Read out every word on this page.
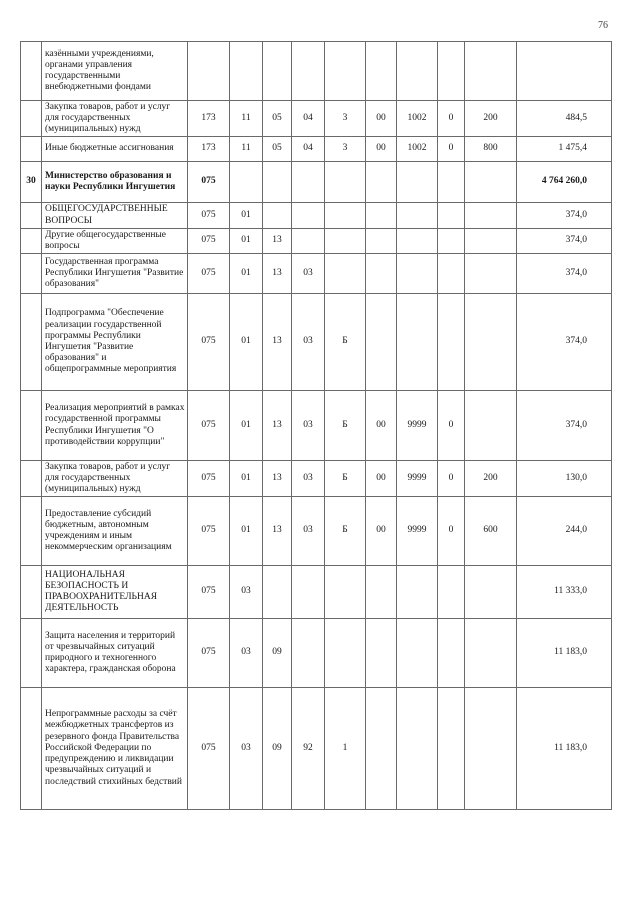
76
	казёнными учреждениями, органами управления государственными внебюджетными фондами										
	Закупка товаров, работ и услуг для государственных (муниципальных) нужд	173	11	05	04	3	00	1002	0	200	484,5
	Иные бюджетные ассигнования	173	11	05	04	3	00	1002	0	800	1 475,4
30	Министерство образования и науки Республики Ингушетия	075									4 764 260,0
	ОБЩЕГОСУДАРСТВЕННЫЕ ВОПРОСЫ	075	01								374,0
	Другие общегосударственные вопросы	075	01	13							374,0
	Государственная программа Республики Ингушетия "Развитие образования"	075	01	13	03						374,0
	Подпрограмма "Обеспечение реализации государственной программы Республики Ингушетия "Развитие образования" и общепрограммные мероприятия	075	01	13	03	Б					374,0
	Реализация мероприятий в рамках государственной программы Республики Ингушетия "О противодействии коррупции"	075	01	13	03	Б	00	9999	0		374,0
	Закупка товаров, работ и услуг для государственных (муниципальных) нужд	075	01	13	03	Б	00	9999	0	200	130,0
	Предоставление субсидий бюджетным, автономным учреждениям и иным некоммерческим организациям	075	01	13	03	Б	00	9999	0	600	244,0
	НАЦИОНАЛЬНАЯ БЕЗОПАСНОСТЬ И ПРАВООХРАНИТЕЛЬНАЯ ДЕЯТЕЛЬНОСТЬ	075	03								11 333,0
	Защита населения и территорий от чрезвычайных ситуаций природного и техногенного характера, гражданская оборона	075	03	09							11 183,0
	Непрограммные расходы за счёт межбюджетных трансфертов из резервного фонда Правительства Российской Федерации по предупреждению и ликвидации чрезвычайных ситуаций и последствий стихийных бедствий	075	03	09	92	1					11 183,0
